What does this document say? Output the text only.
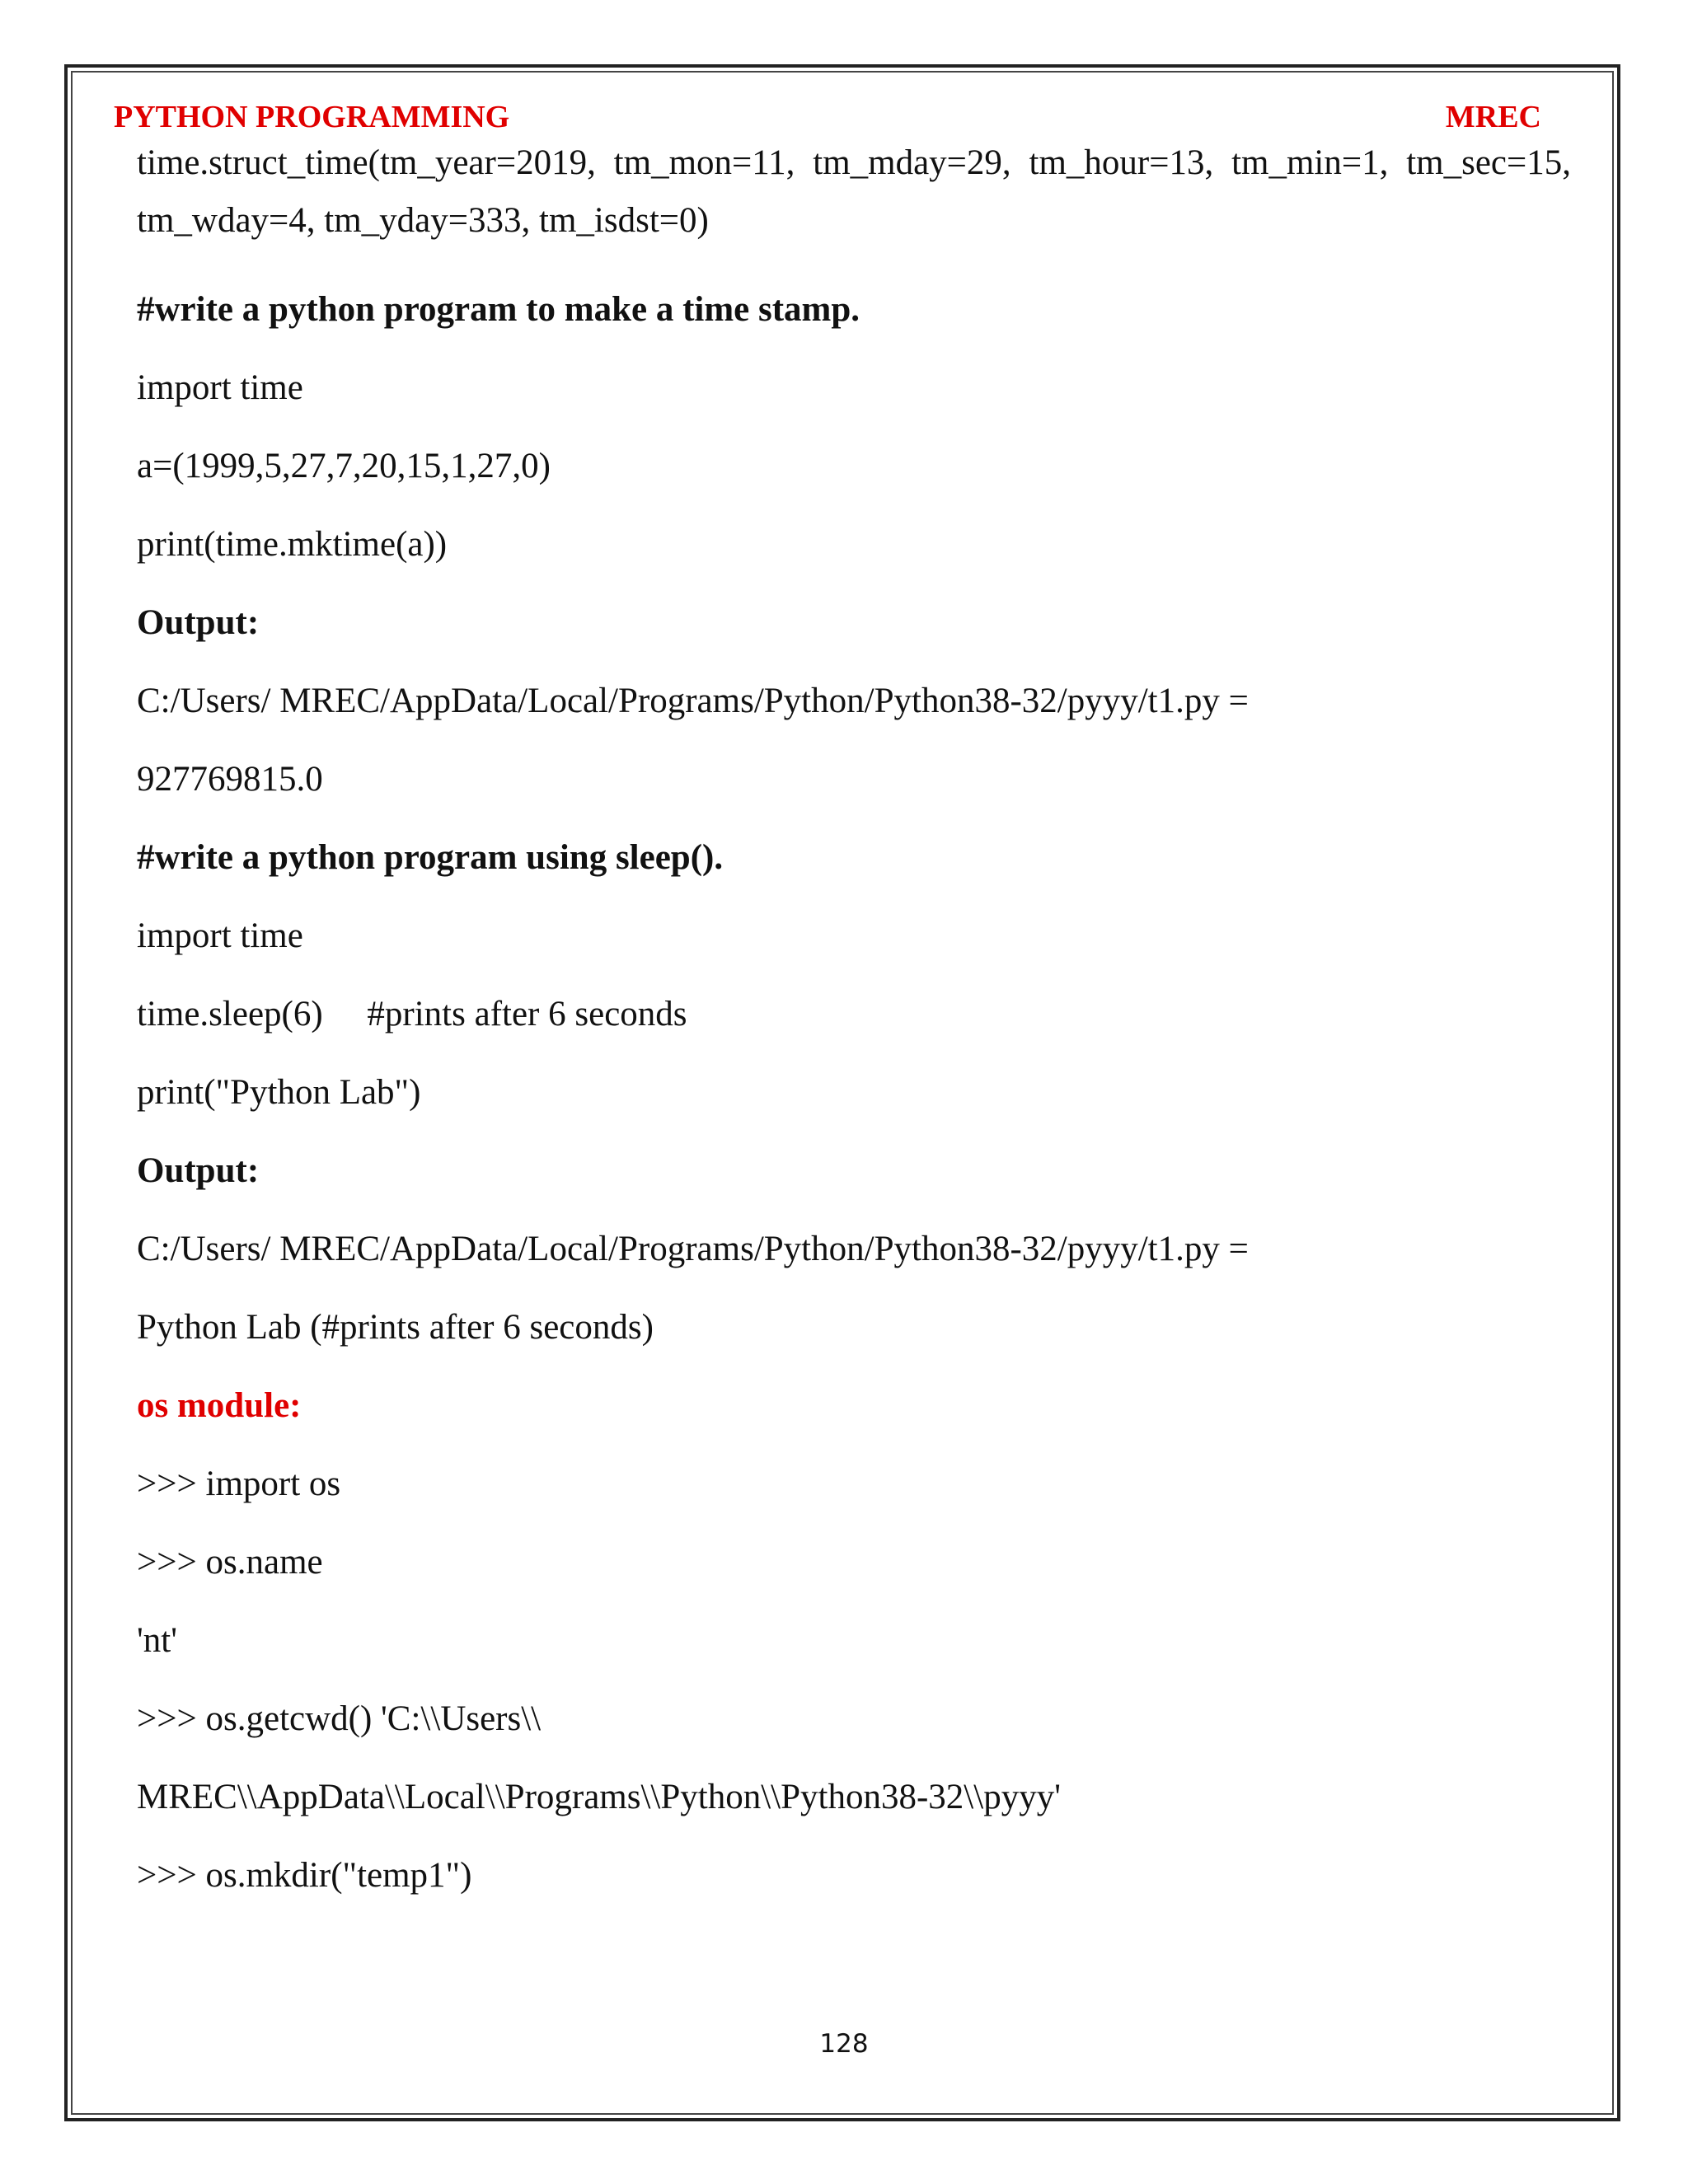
PYTHON PROGRAMMING	MREC

time.struct_time(tm_year=2019, tm_mon=11, tm_mday=29, tm_hour=13, tm_min=1, tm_sec=15, tm_wday=4, tm_yday=333, tm_isdst=0)

#write a python program to make a time stamp.
import time
a=(1999,5,27,7,20,15,1,27,0)
print(time.mktime(a))
Output:
C:/Users/ MREC/AppData/Local/Programs/Python/Python38-32/pyyy/t1.py =
927769815.0
#write a python program using sleep().
import time
time.sleep(6)     #prints after 6 seconds
print("Python Lab")
Output:
C:/Users/ MREC/AppData/Local/Programs/Python/Python38-32/pyyy/t1.py =
Python Lab (#prints after 6 seconds)
os module:
>>> import os
>>> os.name
'nt'
>>> os.getcwd() 'C:\\Users\\
MREC\\AppData\\Local\\Programs\\Python\\Python38-32\\pyyy'
>>> os.mkdir("temp1")
128
